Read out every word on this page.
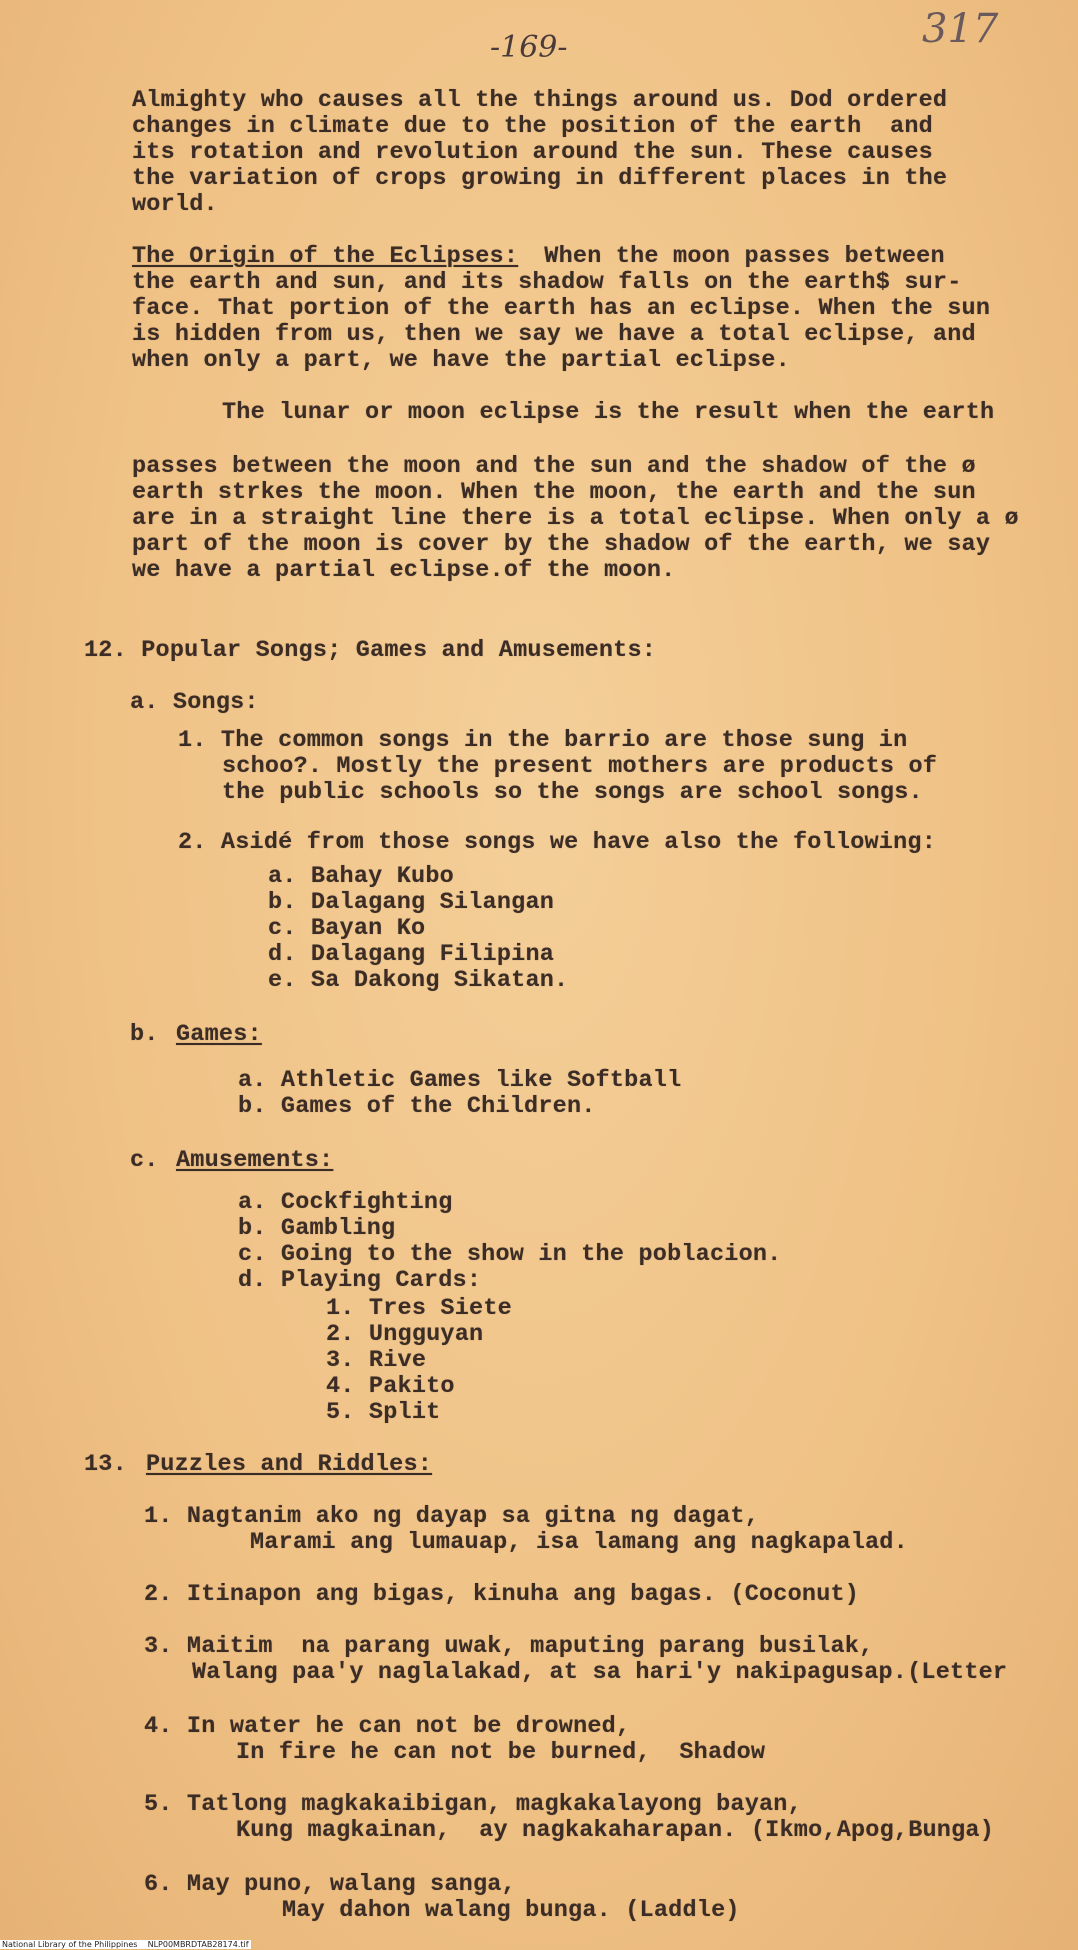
-169-	317
Almighty who causes all the things around us. Dod ordered
changes in climate due to the position of the earth  and
its rotation and revolution around the sun. These causes
the variation of crops growing in different places in the
world.
The Origin of the Eclipses: When the moon passes between
the earth and sun, and its shadow falls on the earth$ sur-
face. That portion of the earth has an eclipse. When the sun
is hidden from us, then we say we have a total eclipse, and
when only a part, we have the partial eclipse.
The lunar or moon eclipse is the result when the earth
passes between the moon and the sun and the shadow of the ø
earth strkes the moon. When the moon, the earth and the sun
are in a straight line there is a total eclipse. When only a ø
part of the moon is cover by the shadow of the earth, we say
we have a partial eclipse.of the moon.
12. Popular Songs; Games and Amusements:
a. Songs:
1. The common songs in the barrio are those sung in
schoo?. Mostly the present mothers are products of
the public schools so the songs are school songs.
2. Asidé from those songs we have also the following:
a. Bahay Kubo
b. Dalagang Silangan
c. Bayan Ko
d. Dalagang Filipina
e. Sa Dakong Sikatan.
b. Games:
a. Athletic Games like Softball
b. Games of the Children.
c. Amusements:
a. Cockfighting
b. Gambling
c. Going to the show in the poblacion.
d. Playing Cards:
1. Tres Siete
2. Ungguyan
3. Rive
4. Pakito
5. Split
13. Puzzles and Riddles:
1. Nagtanim ako ng dayap sa gitna ng dagat,
Marami ang lumauap, isa lamang ang nagkapalad.
2. Itinapon ang bigas, kinuha ang bagas. (Coconut)
3. Maitim  na parang uwak, maputing parang busilak,
Walang paa'y naglalakad, at sa hari'y nakipagusap.(Letter
4. In water he can not be drowned,
In fire he can not be burned,  Shadow
5. Tatlong magkakaibigan, magkakalayong bayan,
Kung magkainan,  ay nagkakaharapan. (Ikmo,Apog,Bunga)
6. May puno, walang sanga,
May dahon walang bunga. (Laddle)
National Library of the Philippines    NLP00MBRDTAB28174.tif
